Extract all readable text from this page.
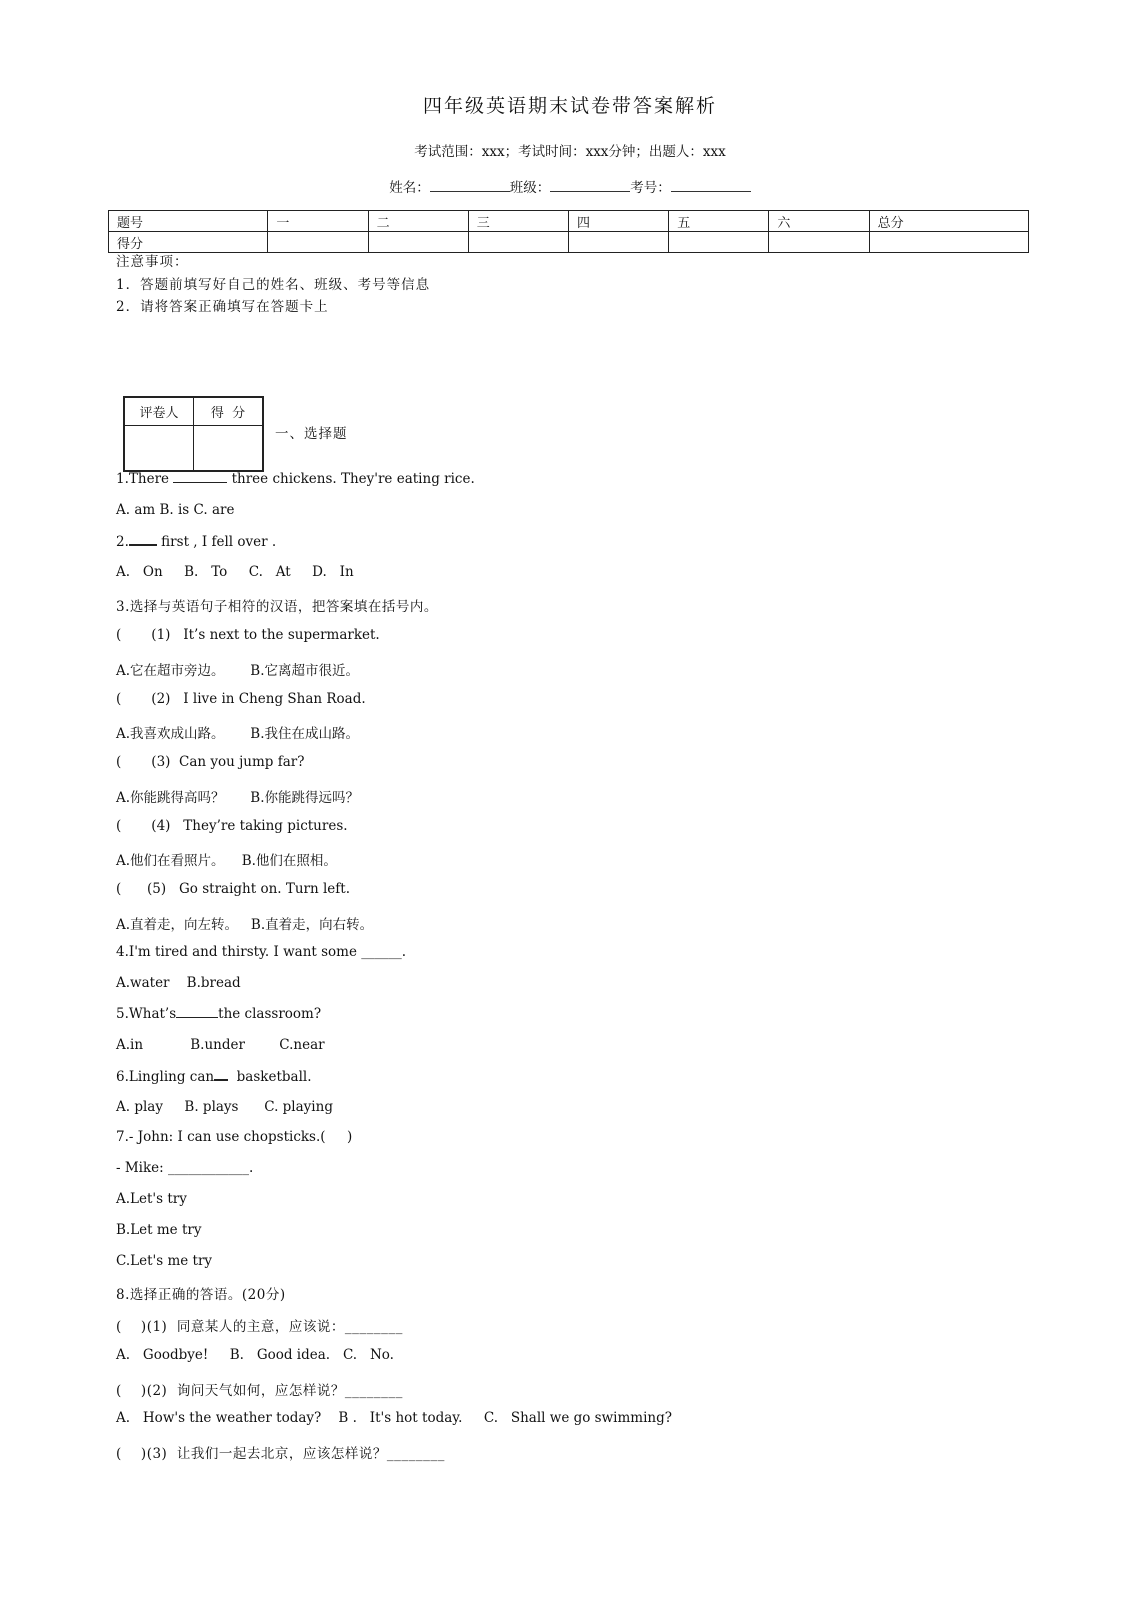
四年级英语期末试卷带答案解析
考试范围：xxx；考试时间：xxx分钟；出题人：xxx
姓名：	班级：	考号：
题号	一	二	三	四	五	六	总分
得分							
注意事项：
1．答题前填写好自己的姓名、班级、考号等信息
2．请将答案正确填写在答题卡上
评卷人	得  分

一、选择题
1.There	three chickens. They're eating rice.
A. am B. is C. are
2. first , I fell over .
A.   On     B.   To     C.   At     D.   In
3.选择与英语句子相符的汉语，把答案填在括号内。
(       (1)   It’s next to the supermarket.
A.它在超市旁边。      B.它离超市很近。
(       (2)   I live in Cheng Shan Road.
A.我喜欢成山路。      B.我住在成山路。
(       (3)  Can you jump far?
A.你能跳得高吗？      B.你能跳得远吗？
(       (4)   They’re taking pictures.
A.他们在看照片。    B.他们在照相。
(      (5)   Go straight on. Turn left.
A.直着走，向左转。   B.直着走，向右转。
4.I'm tired and thirsty. I want some ______.
A.water    B.bread
5.What’s	the classroom?
A.in           B.under        C.near
6.Lingling can  basketball.
A. play     B. plays      C. playing
7.- John: I can use chopsticks.(     )
- Mike: ____________.
A.Let's try
B.Let me try
C.Let's me try
8.选择正确的答语。(20分)
(    )(1)  同意某人的主意，应该说：________
A.   Goodbye!     B.   Good idea.   C.   No.
(    )(2)  询问天气如何，应怎样说？________
A.   How's the weather today?    B .   It's hot today.     C.   Shall we go swimming?
(    )(3)  让我们一起去北京，应该怎样说？________
